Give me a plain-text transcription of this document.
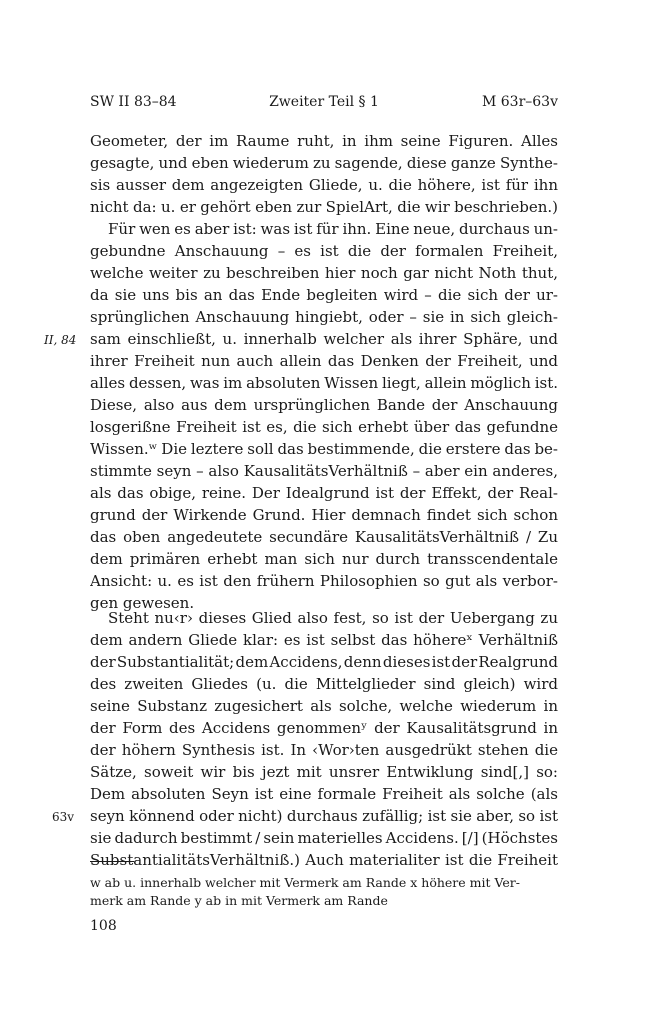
SW II 83–84	Zweiter Teil § 1	M 63r–63v
Geometer, der im Raume ruht, in ihm seine Figuren. Alles
gesagte, und eben wiederum zu sagende, diese ganze Synthe-
sis ausser dem angezeigten Gliede, u. die höhere, ist für ihn
nicht da: u. er gehört eben zur SpielArt, die wir beschrieben.)
Für wen es aber ist: was ist für ihn. Eine neue, durchaus un-
gebundne Anschauung – es ist die der formalen Freiheit,
welche weiter zu beschreiben hier noch gar nicht Noth thut,
da sie uns bis an das Ende begleiten wird – die sich der ur-
sprünglichen Anschauung hingiebt, oder – sie in sich gleich-
sam einschließt, u. innerhalb welcher als ihrer Sphäre, und
ihrer Freiheit nun auch allein das Denken der Freiheit, und
alles dessen, was im absoluten Wissen liegt, allein möglich ist.
Diese, also aus dem ursprünglichen Bande der Anschauung
losgerißne Freiheit ist es, die sich erhebt über das gefundne
Wissen.ʷ Die leztere soll das bestimmende, die erstere das be-
stimmte seyn – also KausalitätsVerhältniß – aber ein anderes,
als das obige, reine. Der Idealgrund ist der Effekt, der Real-
grund der Wirkende Grund. Hier demnach findet sich schon
das oben angedeutete secundäre KausalitätsVerhältniß / Zu
dem primären erhebt man sich nur durch transscendentale
Ansicht: u. es ist den frühern Philosophien so gut als verbor-
gen gewesen.
II, 84
Steht nu‹r› dieses Glied also fest, so ist der Uebergang zu
dem andern Gliede klar: es ist selbst das höhereˣ Verhältniß
der Substantialität; dem Accidens, denn dieses ist der Realgrund
des zweiten Gliedes (u. die Mittelglieder sind gleich) wird
seine Substanz zugesichert als solche, welche wiederum in
der Form des Accidens genommenʸ der Kausalitätsgrund in
der höhern Synthesis ist. In ‹Wor›ten ausgedrükt stehen die
Sätze, soweit wir bis jezt mit unsrer Entwiklung sind[,] so:
Dem absoluten Seyn ist eine formale Freiheit als solche (als
seyn könnend oder nicht) durchaus zufällig; ist sie aber, so ist
sie dadurch bestimmt / sein materielles Accidens. [/] (Höchstes
SubstantialitätsVerhältniß.) Auch materialiter ist die Freiheit
63v
w ab u. innerhalb welcher mit Vermerk am Rande x höhere mit Ver-
merk am Rande y ab in mit Vermerk am Rande
108
